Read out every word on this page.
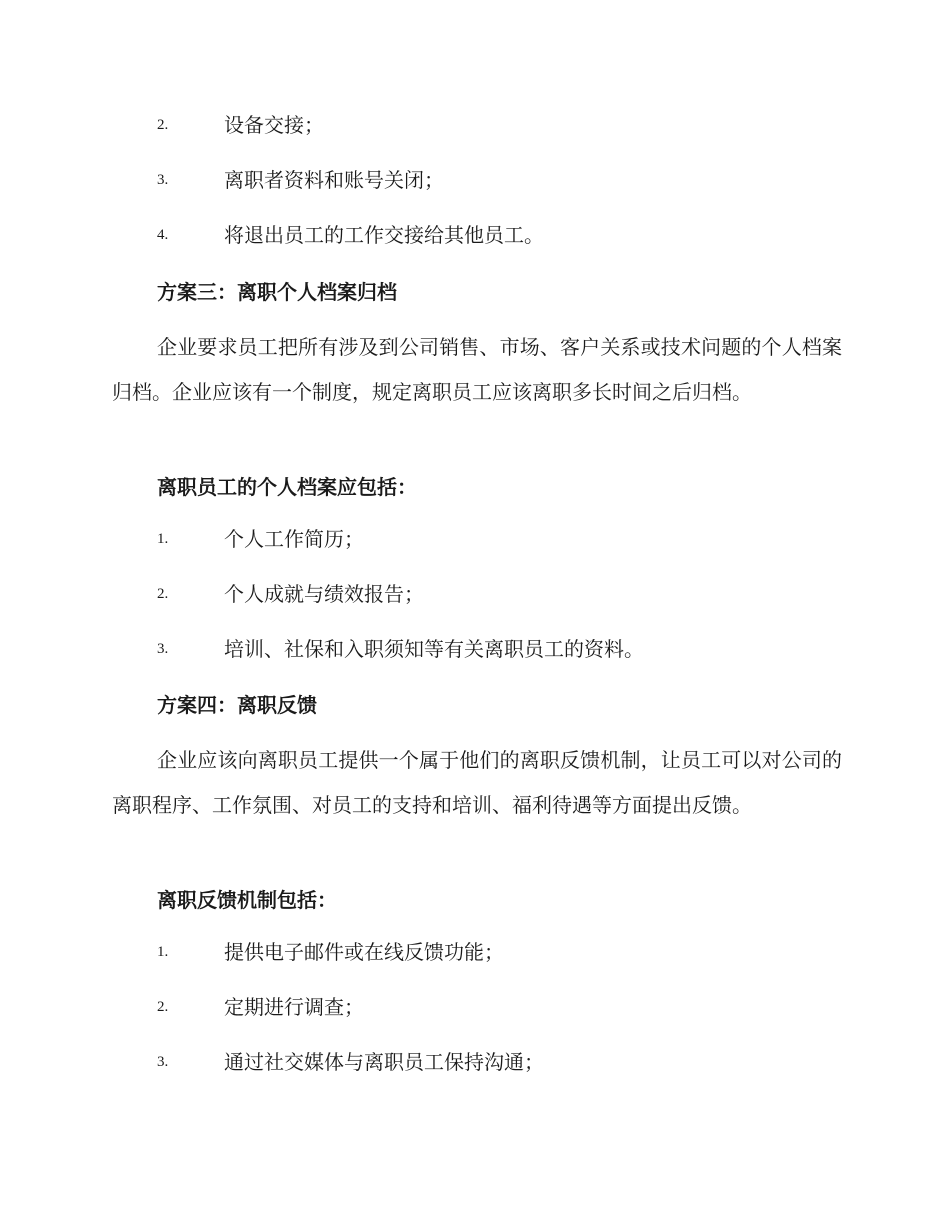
2.	设备交接；
3.	离职者资料和账号关闭；
4.	将退出员工的工作交接给其他员工。
方案三：离职个人档案归档
企业要求员工把所有涉及到公司销售、市场、客户关系或技术问题的个人档案归档。企业应该有一个制度，规定离职员工应该离职多长时间之后归档。
离职员工的个人档案应包括：
1.	个人工作简历；
2.	个人成就与绩效报告；
3.	培训、社保和入职须知等有关离职员工的资料。
方案四：离职反馈
企业应该向离职员工提供一个属于他们的离职反馈机制，让员工可以对公司的离职程序、工作氛围、对员工的支持和培训、福利待遇等方面提出反馈。
离职反馈机制包括：
1.	提供电子邮件或在线反馈功能；
2.	定期进行调查；
3.	通过社交媒体与离职员工保持沟通；
